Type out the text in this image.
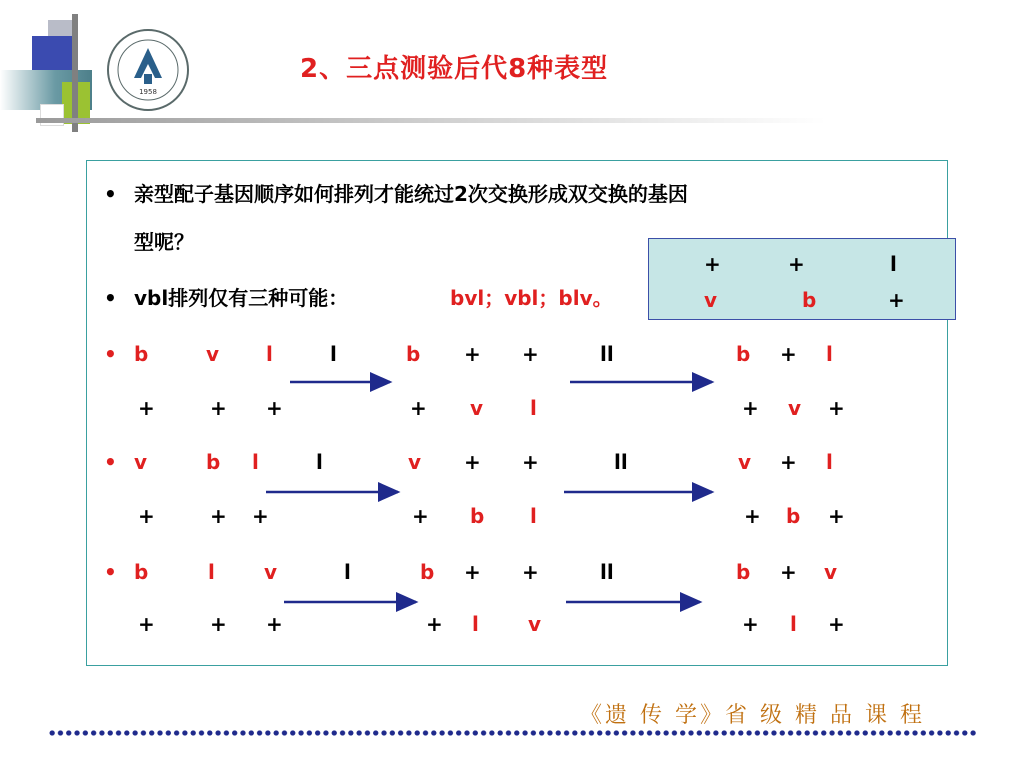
1958
2、三点测验后代8种表型
• 亲型配子基因顺序如何排列才能统过2次交换形成双交换的基因
型呢？
• vbl排列仅有三种可能：	bvl；vbl；blv。
+	+	l
v	b	+
• b	v l	l	b + +	ll	b + l
+	+ +	+ v l	+ v +
• v	b l	l	v + +	ll	v + l
+	+ +	+ b l	+ b +
• b	l v	l	b + +	ll	b + v
+	+ +	+ l v	+ l +
《遗 传 学》省 级 精 品 课 程
